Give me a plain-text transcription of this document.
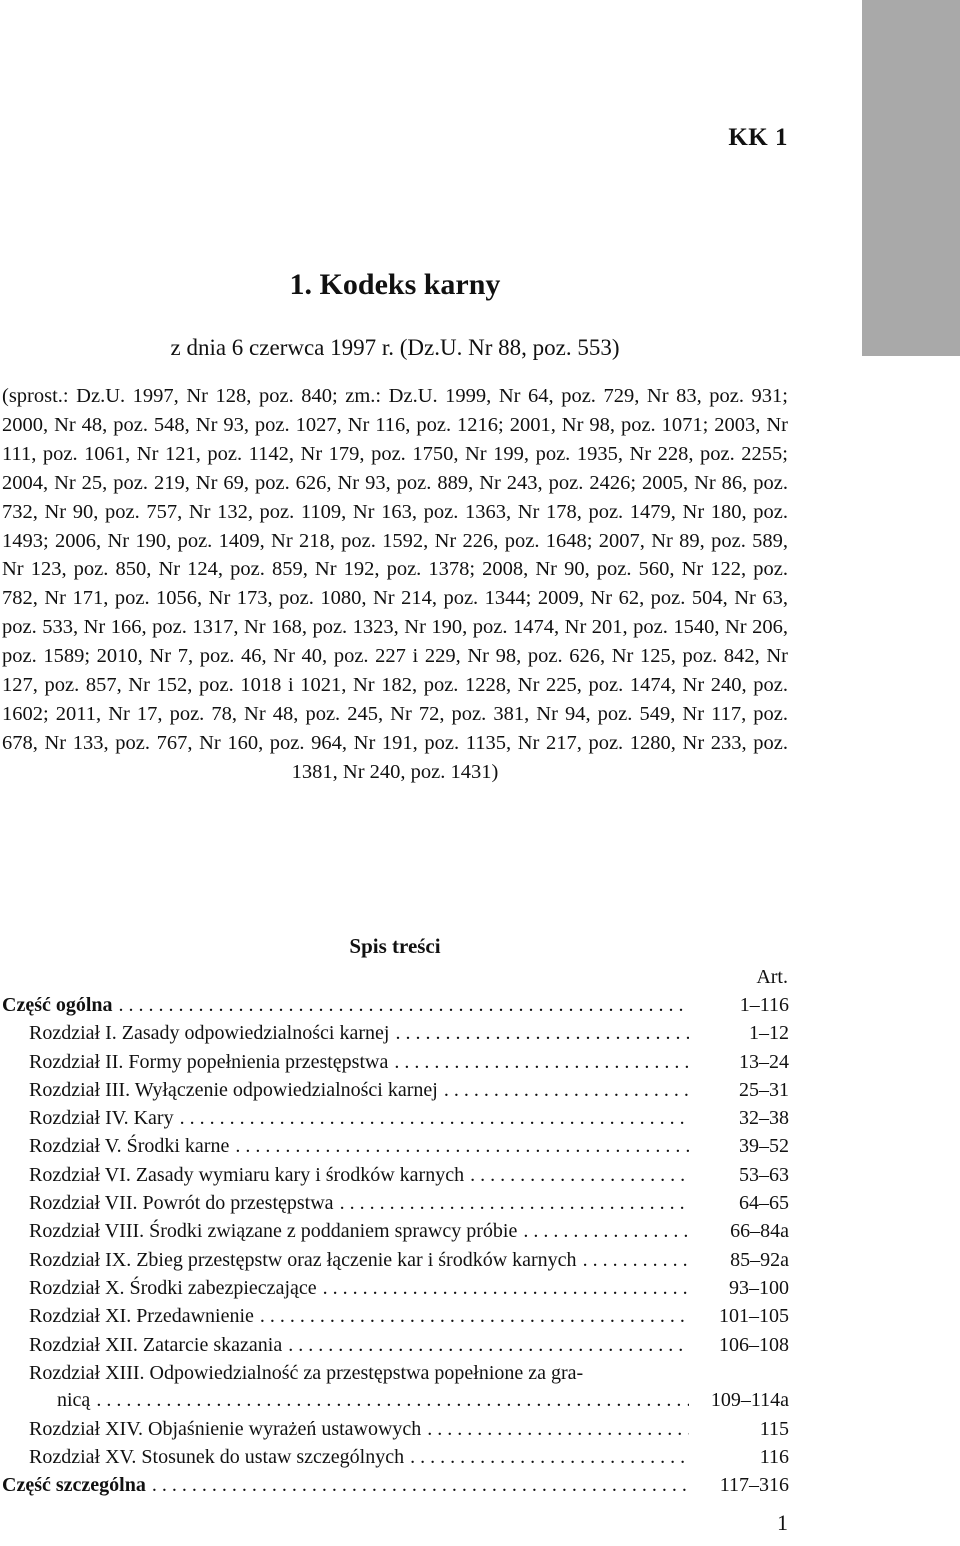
KK 1
1. Kodeks karny
z dnia 6 czerwca 1997 r. (Dz.U. Nr 88, poz. 553)
(sprost.: Dz.U. 1997, Nr 128, poz. 840; zm.: Dz.U. 1999, Nr 64, poz. 729, Nr 83, poz. 931; 2000, Nr 48, poz. 548, Nr 93, poz. 1027, Nr 116, poz. 1216; 2001, Nr 98, poz. 1071; 2003, Nr 111, poz. 1061, Nr 121, poz. 1142, Nr 179, poz. 1750, Nr 199, poz. 1935, Nr 228, poz. 2255; 2004, Nr 25, poz. 219, Nr 69, poz. 626, Nr 93, poz. 889, Nr 243, poz. 2426; 2005, Nr 86, poz. 732, Nr 90, poz. 757, Nr 132, poz. 1109, Nr 163, poz. 1363, Nr 178, poz. 1479, Nr 180, poz. 1493; 2006, Nr 190, poz. 1409, Nr 218, poz. 1592, Nr 226, poz. 1648; 2007, Nr 89, poz. 589, Nr 123, poz. 850, Nr 124, poz. 859, Nr 192, poz. 1378; 2008, Nr 90, poz. 560, Nr 122, poz. 782, Nr 171, poz. 1056, Nr 173, poz. 1080, Nr 214, poz. 1344; 2009, Nr 62, poz. 504, Nr 63, poz. 533, Nr 166, poz. 1317, Nr 168, poz. 1323, Nr 190, poz. 1474, Nr 201, poz. 1540, Nr 206, poz. 1589; 2010, Nr 7, poz. 46, Nr 40, poz. 227 i 229, Nr 98, poz. 626, Nr 125, poz. 842, Nr 127, poz. 857, Nr 152, poz. 1018 i 1021, Nr 182, poz. 1228, Nr 225, poz. 1474, Nr 240, poz. 1602; 2011, Nr 17, poz. 78, Nr 48, poz. 245, Nr 72, poz. 381, Nr 94, poz. 549, Nr 117, poz. 678, Nr 133, poz. 767, Nr 160, poz. 964, Nr 191, poz. 1135, Nr 217, poz. 1280, Nr 233, poz. 1381, Nr 240, poz. 1431)
Spis treści
Art.
Część ogólna . . .	1–116
Rozdział I. Zasady odpowiedzialności karnej . . .	1–12
Rozdział II. Formy popełnienia przestępstwa . . .	13–24
Rozdział III. Wyłączenie odpowiedzialności karnej . . .	25–31
Rozdział IV. Kary . . .	32–38
Rozdział V. Środki karne . . .	39–52
Rozdział VI. Zasady wymiaru kary i środków karnych . . .	53–63
Rozdział VII. Powrót do przestępstwa . . .	64–65
Rozdział VIII. Środki związane z poddaniem sprawcy próbie . . .	66–84a
Rozdział IX. Zbieg przestępstw oraz łączenie kar i środków karnych . . .	85–92a
Rozdział X. Środki zabezpieczające . . .	93–100
Rozdział XI. Przedawnienie . . .	101–105
Rozdział XII. Zatarcie skazania . . .	106–108
Rozdział XIII. Odpowiedzialność za przestępstwa popełnione za gra-
nicą . . .	109–114a
Rozdział XIV. Objaśnienie wyrażeń ustawowych . . .	115
Rozdział XV. Stosunek do ustaw szczególnych . . .	116
Część szczególna . . .	117–316
1
